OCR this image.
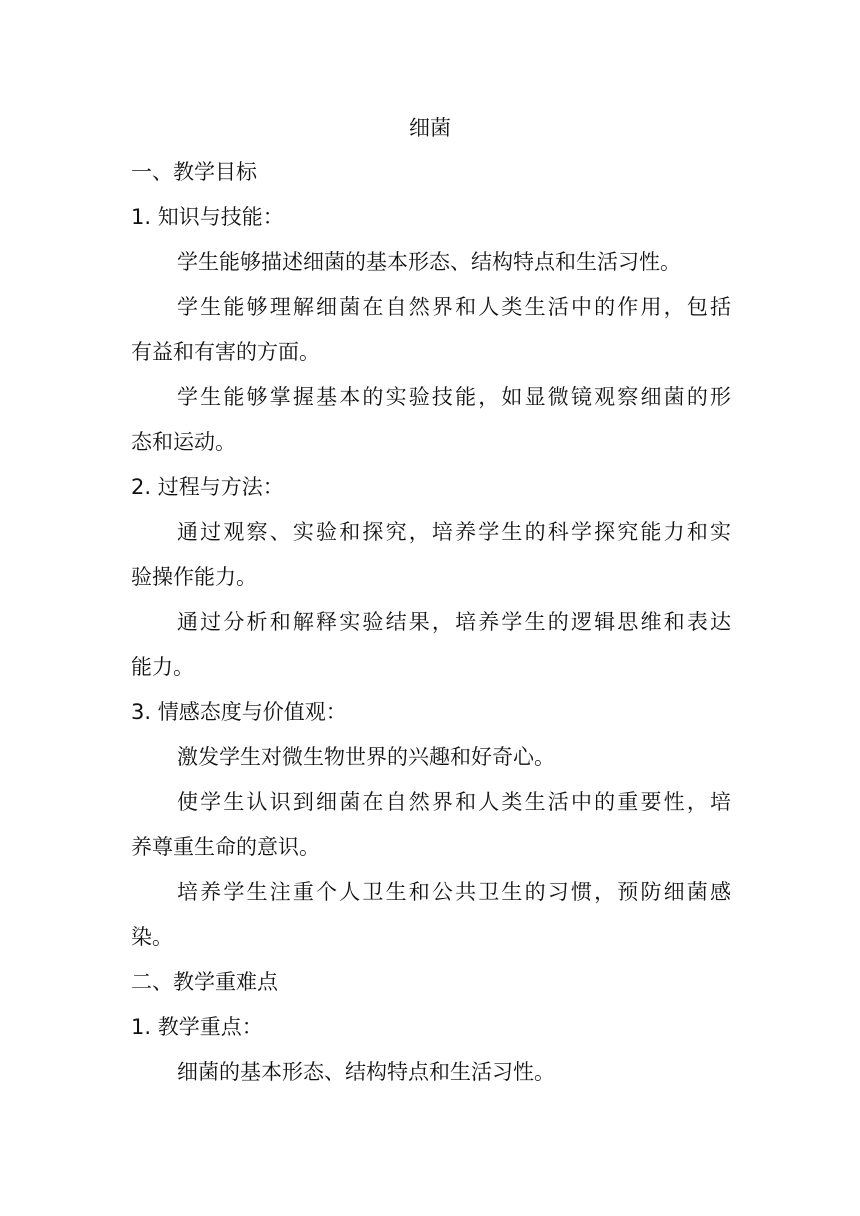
细菌
一、教学目标
1. 知识与技能：
学生能够描述细菌的基本形态、结构特点和生活习性。
学生能够理解细菌在自然界和人类生活中的作用，包括
有益和有害的方面。
学生能够掌握基本的实验技能，如显微镜观察细菌的形
态和运动。
2. 过程与方法：
通过观察、实验和探究，培养学生的科学探究能力和实
验操作能力。
通过分析和解释实验结果，培养学生的逻辑思维和表达
能力。
3. 情感态度与价值观：
激发学生对微生物世界的兴趣和好奇心。
使学生认识到细菌在自然界和人类生活中的重要性，培
养尊重生命的意识。
培养学生注重个人卫生和公共卫生的习惯，预防细菌感
染。
二、教学重难点
1. 教学重点：
细菌的基本形态、结构特点和生活习性。
